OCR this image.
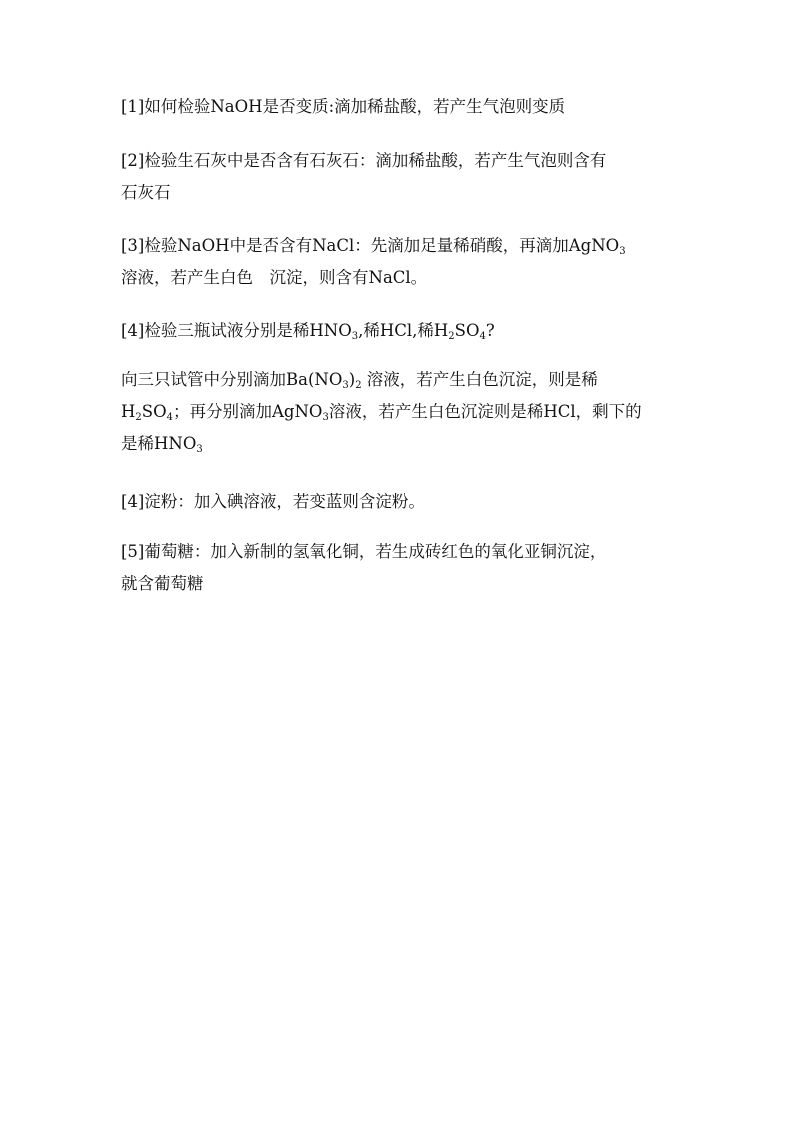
[1]如何检验NaOH是否变质:滴加稀盐酸，若产生气泡则变质

[2]检验生石灰中是否含有石灰石：滴加稀盐酸，若产生气泡则含有
石灰石

[3]检验NaOH中是否含有NaCl：先滴加足量稀硝酸，再滴加AgNO$_3$
溶液，若产生白色　沉淀，则含有NaCl。

[4]检验三瓶试液分别是稀$HNO_3$,稀HCl,稀$H_2SO_4$?

向三只试管中分别滴加$Ba(NO_3)_2$ 溶液，若产生白色沉淀，则是稀
$H_2SO_4$；再分别滴加AgNO$_3$溶液，若产生白色沉淀则是稀HCl，剩下的
是稀$HNO_3$

[4]淀粉：加入碘溶液，若变蓝则含淀粉。

[5]葡萄糖：加入新制的氢氧化铜，若生成砖红色的氧化亚铜沉淀，
就含葡萄糖
